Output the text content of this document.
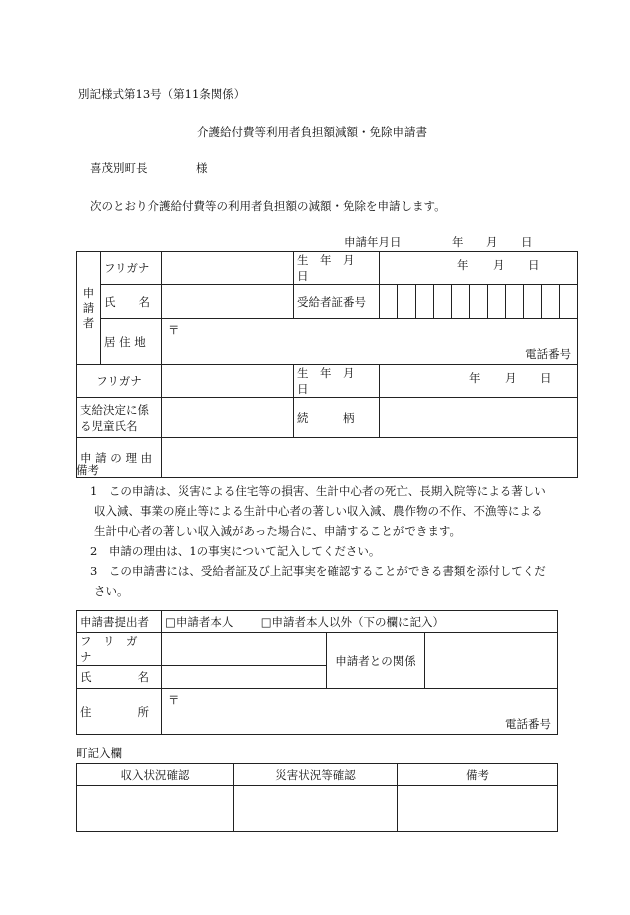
別記様式第13号（第11条関係）
介護給付費等利用者負担額減額・免除申請書
喜茂別町長	様
次のとおり介護給付費等の利用者負担額の減額・免除を申請します。
申請年月日	年 月 日
申請者	フリガナ		生　年　月　日	年 月 日										

	氏　　名		受給者証番号											
	居 住 地	〒
電話番号												

フリガナ			生　年　月　日	年 月 日										

支給決定に係
る児童氏名			続　　　柄											
申 請 の 理 由														
備考
1　この申請は、災害による住宅等の損害、生計中心者の死亡、長期入院等による著しい
収入減、事業の廃止等による生計中心者の著しい収入減、農作物の不作、不漁等による
生計中心者の著しい収入減があった場合に、申請することができます。
2　申請の理由は、1の事実について記入してください。
3　この申請書には、受給者証及び上記事実を確認することができる書類を添付してくだ
さい。
申請書提出者	□申請者本人 □申請者本人以外（下の欄に記入）		
フ　リ　ガ　ナ		申請者との関係	
氏　　　　名			
住　　　　所	〒
電話番号		
町記入欄
収入状況確認	災害状況等確認	備考
